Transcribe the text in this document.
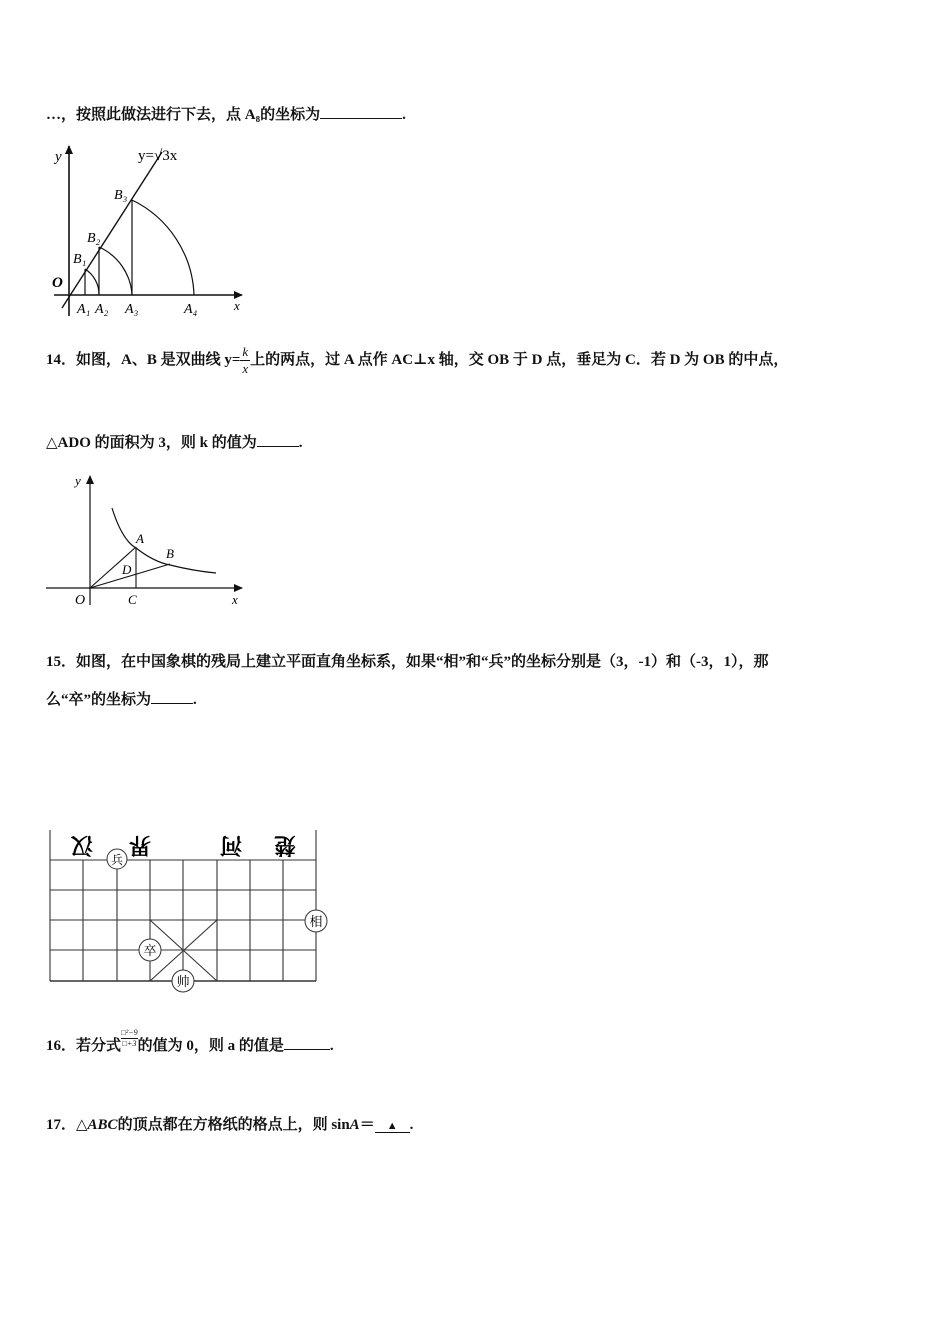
…，按照此做法进行下去，点 A₈的坐标为	.
y=√3x
y
x
O
B₁
B₂
B₃
A₁ A₂ A₃	A₄
14．如图，A、B 是双曲线 $y= \frac{k}{x}$ 上的两点，过 A 点作 AC⊥x 轴，交 OB 于 D 点，垂足为 C．若 D 为 OB 的中点，
△ADO 的面积为 3，则 k 的值为	.
y
x
O
A
B
C
D
15．如图，在中国象棋的残局上建立平面直角坐标系，如果“相”和“兵”的坐标分别是（3，-1）和（-3，1），那
么“卒”的坐标为	.
汉 界	河 楚
兵
相
卒
帅
16．若分式 $\frac{\text{□²−9}}{□+3}$ 的值为 0，则 a 的值是	.
17．△ABC的顶点都在方格纸的格点上，则 sinA＝ ▲ .
